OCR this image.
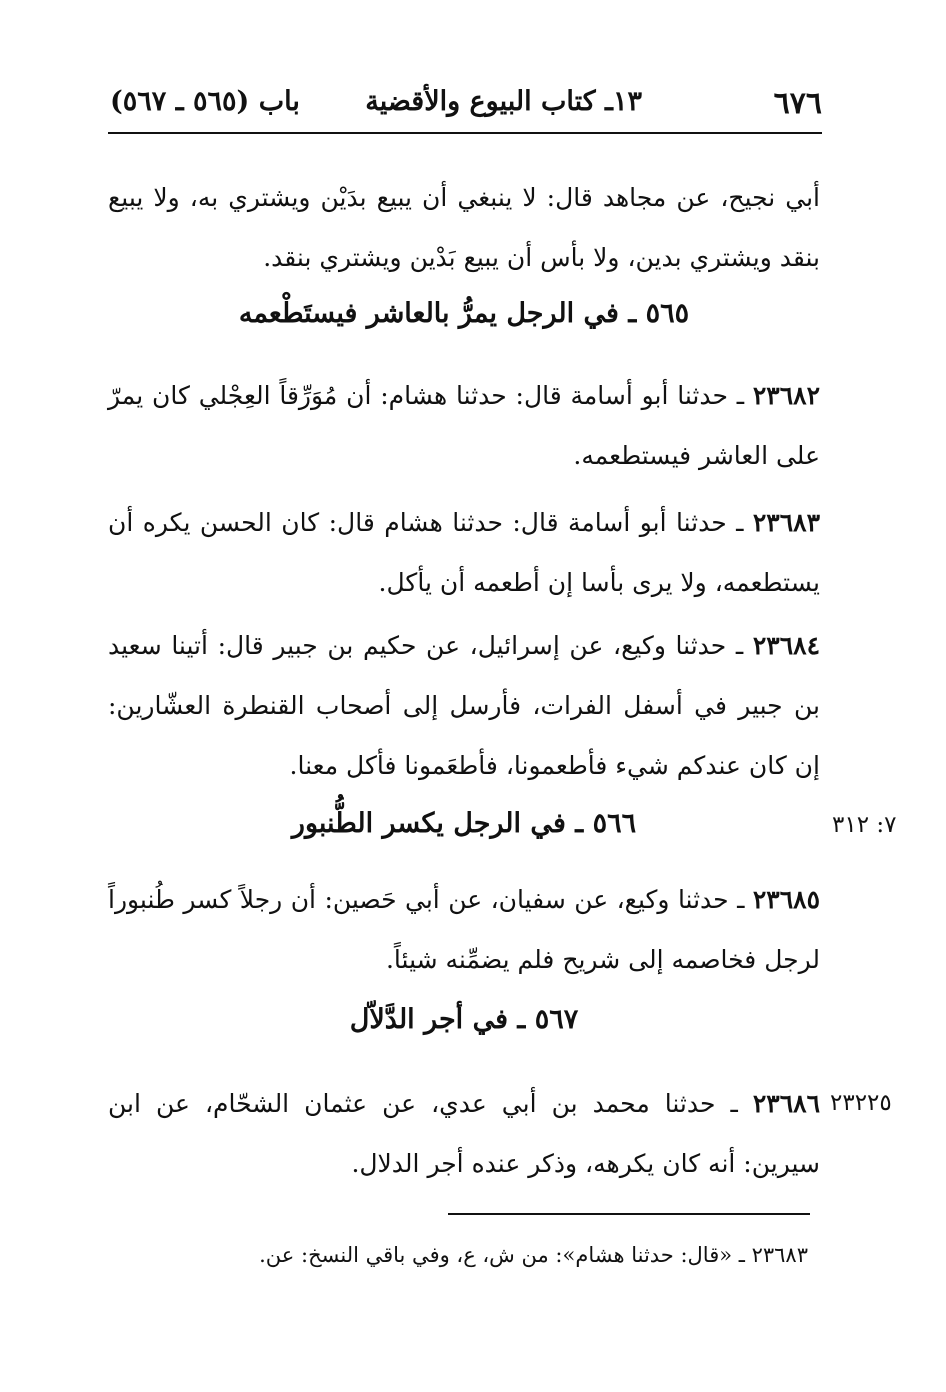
٦٧٦
١٣ـ كتاب البيوع والأقضية
باب (٥٦٥ ـ ٥٦٧)
أبي نجيح، عن مجاهد قال: لا ينبغي أن يبيع بدَيْن ويشتري به، ولا يبيع بنقد ويشتري بدين، ولا بأس أن يبيع بَدْين ويشتري بنقد.
٥٦٥ ـ في الرجل يمرُّ بالعاشر فيستَطْعمه
٢٣٦٨٢ ـ حدثنا أبو أسامة قال: حدثنا هشام: أن مُوَرِّقاً العِجْلي كان يمرّ على العاشر فيستطعمه.
٢٣٦٨٣ ـ حدثنا أبو أسامة قال: حدثنا هشام قال: كان الحسن يكره أن يستطعمه، ولا يرى بأسا إن أطعمه أن يأكل.
٢٣٦٨٤ ـ حدثنا وكيع، عن إسرائيل، عن حكيم بن جبير قال: أتينا سعيد بن جبير في أسفل الفرات، فأرسل إلى أصحاب القنطرة العشّارين: إن كان عندكم شيء فأطعمونا، فأطعَمونا فأكل معنا.
٥٦٦ ـ في الرجل يكسر الطُّنبور	٧: ٣١٢
٢٣٦٨٥ ـ حدثنا وكيع، عن سفيان، عن أبي حَصين: أن رجلاً كسر طُنبوراً لرجل فخاصمه إلى شريح فلم يضمِّنه شيئاً.
٥٦٧ ـ في أجر الدَّلاّل
٢٣٦٨٦ ـ حدثنا محمد بن أبي عدي، عن عثمان الشحّام، عن ابن سيرين: أنه كان يكرهه، وذكر عنده أجر الدلال.
٢٣٢٢٥
٢٣٦٨٣ ـ «قال: حدثنا هشام»: من ش، ع، وفي باقي النسخ: عن.
